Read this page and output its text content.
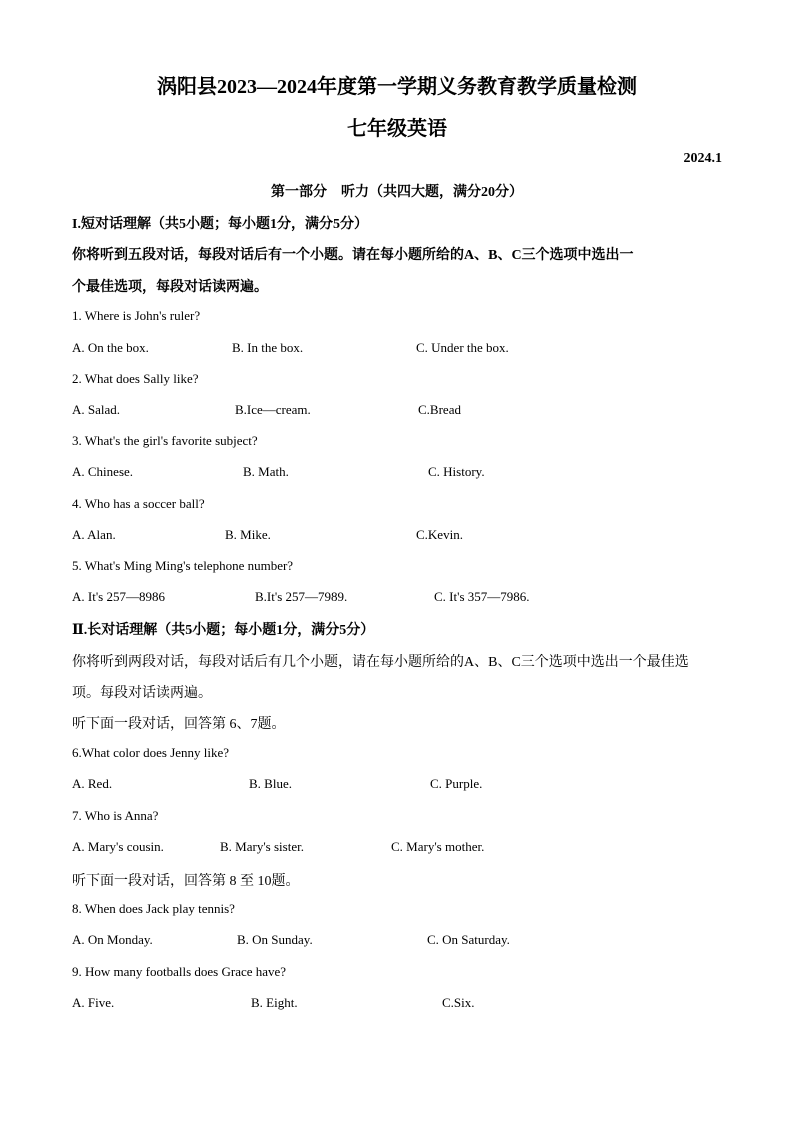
涡阳县2023—2024年度第一学期义务教育教学质量检测
七年级英语
2024.1
第一部分    听力（共四大题，满分20分）
I.短对话理解（共5小题；每小题1分，满分5分）
你将听到五段对话，每段对话后有一个小题。请在每小题所给的A、B、C三个选项中选出一
个最佳选项，每段对话读两遍。
1. Where is John's ruler?
A. On the box.	B. In the box.	C. Under the box.
2. What does Sally like?
A. Salad.	B.Ice—cream.	C.Bread
3. What's the girl's favorite subject?
A. Chinese.	B. Math.	C. History.
4. Who has a soccer ball?
A. Alan.	B. Mike.	C.Kevin.
5. What's Ming Ming's telephone number?
A. It's 257—8986	B.It's 257—7989.	C. It's 357—7986.
Ⅱ.长对话理解（共5小题；每小题1分，满分5分）
你将听到两段对话，每段对话后有几个小题，请在每小题所给的A、B、C三个选项中选出一个最佳选
项。每段对话读两遍。
听下面一段对话，回答第 6、7题。
6.What color does Jenny like?
A. Red.	B. Blue.	C. Purple.
7. Who is Anna?
A. Mary's cousin.	B. Mary's sister.	C. Mary's mother.
听下面一段对话，回答第 8 至 10题。
8. When does Jack play tennis?
A. On Monday.	B. On Sunday.	C. On Saturday.
9. How many footballs does Grace have?
A. Five.	B. Eight.	C.Six.
